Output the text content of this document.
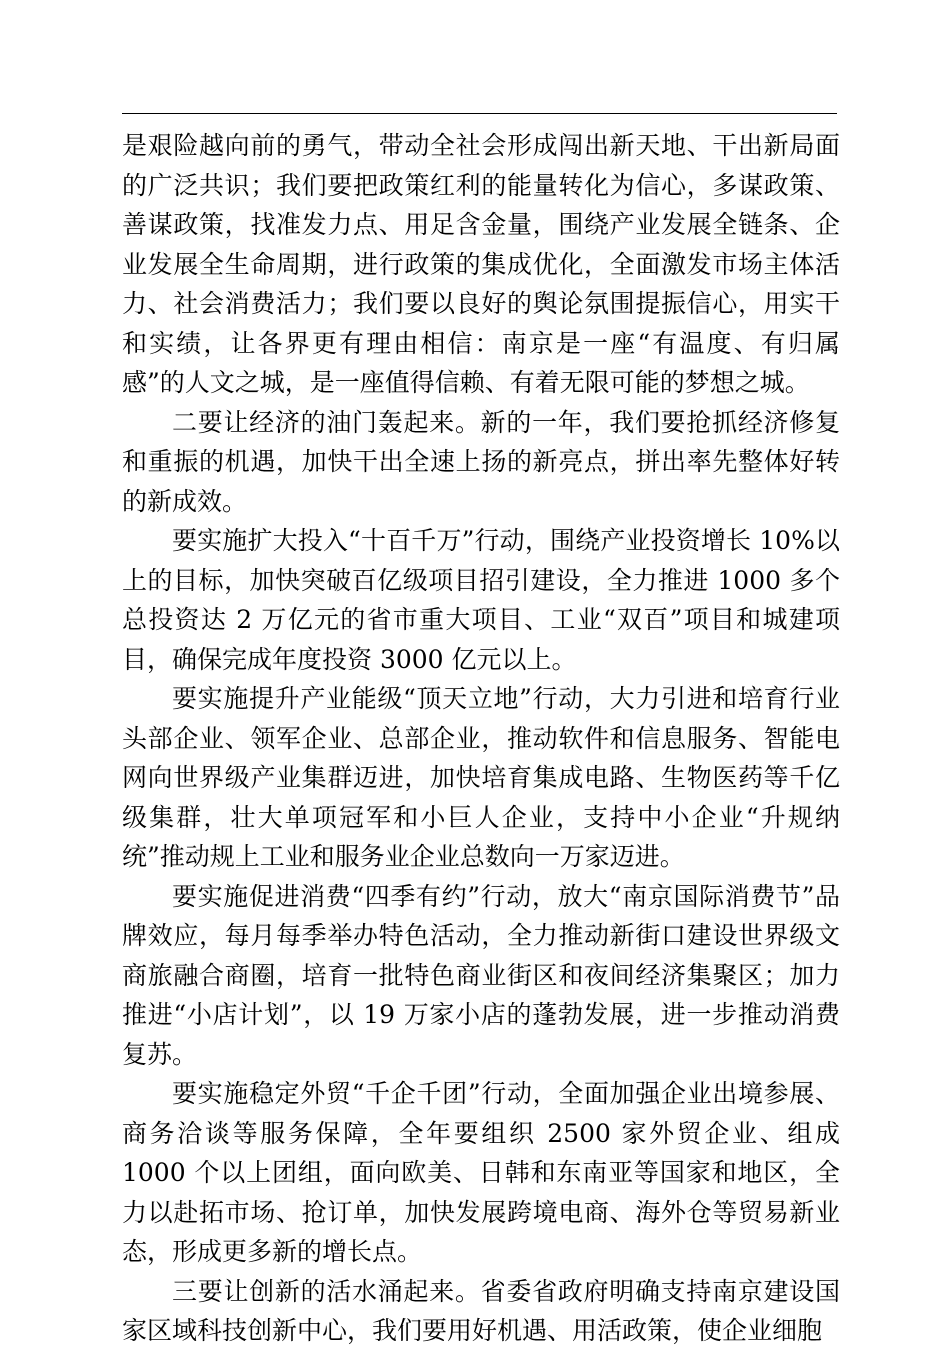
是艰险越向前的勇气，带动全社会形成闯出新天地、干出新局面的广泛共识；我们要把政策红利的能量转化为信心，多谋政策、善谋政策，找准发力点、用足含金量，围绕产业发展全链条、企业发展全生命周期，进行政策的集成优化，全面激发市场主体活力、社会消费活力；我们要以良好的舆论氛围提振信心，用实干和实绩，让各界更有理由相信：南京是一座“有温度、有归属感”的人文之城，是一座值得信赖、有着无限可能的梦想之城。

二要让经济的油门轰起来。新的一年，我们要抢抓经济修复和重振的机遇，加快干出全速上扬的新亮点，拼出率先整体好转的新成效。

要实施扩大投入“十百千万”行动，围绕产业投资增长 10%以上的目标，加快突破百亿级项目招引建设，全力推进 1000 多个总投资达 2 万亿元的省市重大项目、工业“双百”项目和城建项目，确保完成年度投资 3000 亿元以上。

要实施提升产业能级“顶天立地”行动，大力引进和培育行业头部企业、领军企业、总部企业，推动软件和信息服务、智能电网向世界级产业集群迈进，加快培育集成电路、生物医药等千亿级集群，壮大单项冠军和小巨人企业，支持中小企业“升规纳统”推动规上工业和服务业企业总数向一万家迈进。

要实施促进消费“四季有约”行动，放大“南京国际消费节”品牌效应，每月每季举办特色活动，全力推动新街口建设世界级文商旅融合商圈，培育一批特色商业街区和夜间经济集聚区；加力推进“小店计划”，以 19 万家小店的蓬勃发展，进一步推动消费复苏。

要实施稳定外贸“千企千团”行动，全面加强企业出境参展、商务洽谈等服务保障，全年要组织 2500 家外贸企业、组成 1000 个以上团组，面向欧美、日韩和东南亚等国家和地区，全力以赴拓市场、抢订单，加快发展跨境电商、海外仓等贸易新业态，形成更多新的增长点。

三要让创新的活水涌起来。省委省政府明确支持南京建设国家区域科技创新中心，我们要用好机遇、用活政策，使企业细胞
